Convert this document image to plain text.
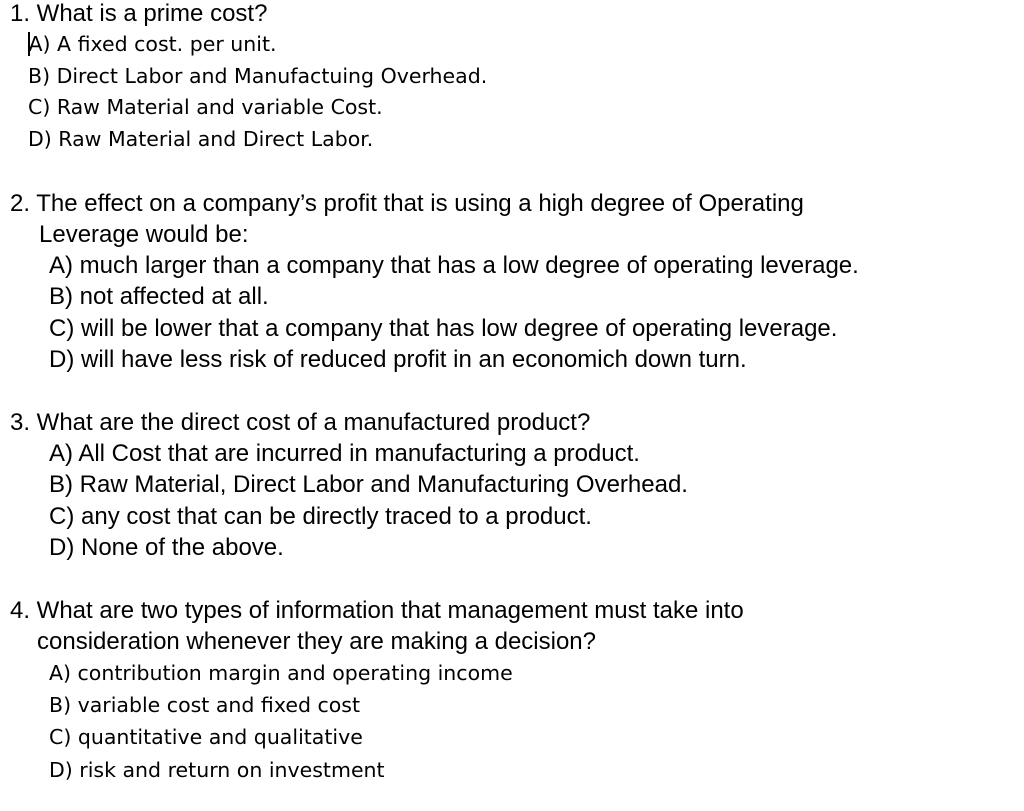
1. What is a prime cost?

A) A fixed cost. per unit.

B) Direct Labor and Manufactuing Overhead.

C) Raw Material and variable Cost.

D) Raw Material and Direct Labor.

2. The effect on a company’s profit that is using a high degree of Operating

Leverage would be:

A) much larger than a company that has a low degree of operating leverage.

B) not affected at all.

C) will be lower that a company that has low degree of operating leverage.

D) will have less risk of reduced profit in an economich down turn.

3. What are the direct cost of a manufactured product?

A) All Cost that are incurred in manufacturing a product.

B) Raw Material, Direct Labor and Manufacturing Overhead.

C) any cost that can be directly traced to a product.

D) None of the above.

4. What are two types of information that management must take into

consideration whenever they are making a decision?

A) contribution margin and operating income

B) variable cost and fixed cost

C) quantitative and qualitative

D) risk and return on investment
